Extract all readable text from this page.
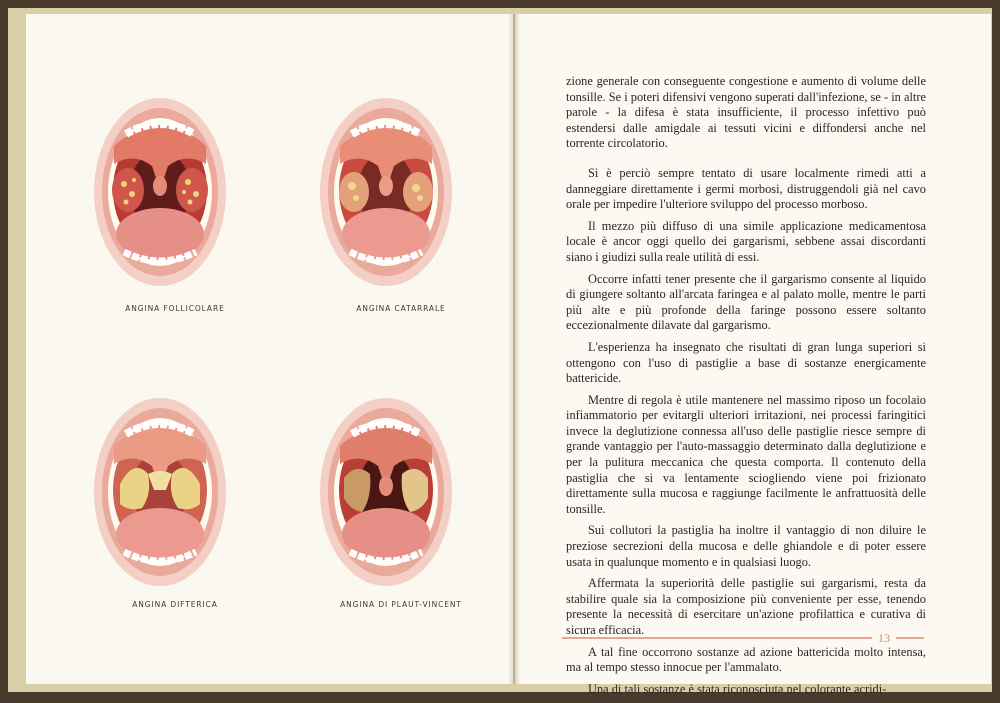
ANGINA FOLLICOLARE	ANGINA CATARRALE
ANGINA DIFTERICA	ANGINA DI PLAUT-VINCENT

zione generale con conseguente congestione e aumento di volume delle tonsille. Se i poteri difensivi vengono superati dall'infezione, se - in altre parole - la difesa è stata insufficiente, il processo infettivo può estendersi dalle amigdale ai tessuti vicini e diffondersi anche nel torrente circolatorio.

Si è perciò sempre tentato di usare localmente rimedi atti a danneggiare direttamente i germi morbosi, distruggendoli già nel cavo orale per impedire l'ulteriore sviluppo del processo morboso.

Il mezzo più diffuso di una simile applicazione medicamentosa locale è ancor oggi quello dei gargarismi, sebbene assai discordanti siano i giudizi sulla reale utilità di essi.

Occorre infatti tener presente che il gargarismo consente al liquido di giungere soltanto all'arcata faringea e al palato molle, mentre le parti più alte e più profonde della faringe possono essere soltanto eccezionalmente dilavate dal gargarismo.

L'esperienza ha insegnato che risultati di gran lunga superiori si ottengono con l'uso di pastiglie a base di sostanze energicamente battericide.

Mentre di regola è utile mantenere nel massimo riposo un focolaio infiammatorio per evitargli ulteriori irritazioni, nei processi faringitici invece la deglutizione connessa all'uso delle pastiglie riesce sempre di grande vantaggio per l'auto-massaggio determinato dalla deglutizione e per la pulitura meccanica che questa comporta. Il contenuto della pastiglia che si va lentamente sciogliendo viene poi frizionato direttamente sulla mucosa e raggiunge facilmente le anfrattuosità delle tonsille.

Sui collutori la pastiglia ha inoltre il vantaggio di non diluire le preziose secrezioni della mucosa e delle ghiandole e di poter essere usata in qualunque momento e in qualsiasi luogo.

Affermata la superiorità delle pastiglie sui gargarismi, resta da stabilire quale sia la composizione più conveniente per esse, tenendo presente la necessità di esercitare un'azione profilattica e curativa di sicura efficacia.

A tal fine occorrono sostanze ad azione battericida molto intensa, ma al tempo stesso innocue per l'ammalato.

Una di tali sostanze è stata riconosciuta nel colorante acridi-

13
